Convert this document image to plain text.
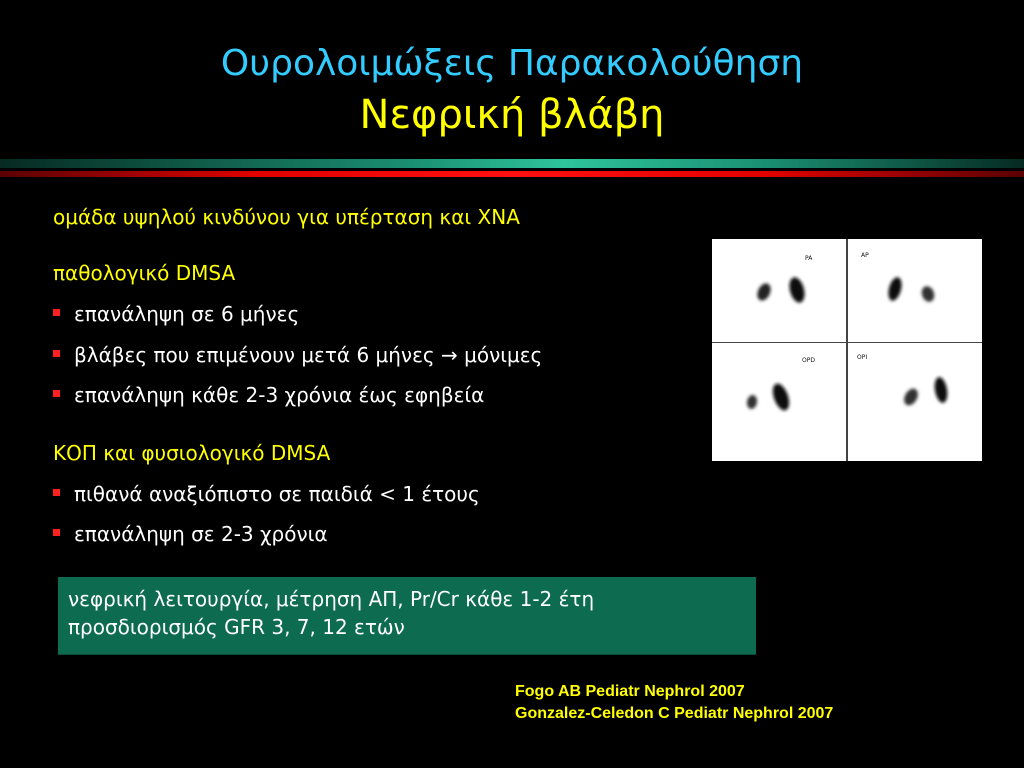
Ουρολοιμώξεις Παρακολούθηση
Νεφρική βλάβη
ομάδα υψηλού κινδύνου για υπέρταση και ΧΝΑ
παθολογικό DMSA
επανάληψη σε 6 μήνες
βλάβες που επιμένουν μετά 6 μήνες → μόνιμες
επανάληψη κάθε 2-3 χρόνια έως εφηβεία
ΚΟΠ και φυσιολογικό DMSA
πιθανά αναξιόπιστο σε παιδιά < 1 έτους
επανάληψη σε 2-3 χρόνια
νεφρική λειτουργία, μέτρηση ΑΠ, Pr/Cr κάθε 1-2 έτη
προσδιορισμός GFR 3, 7, 12 ετών
Fogo AB Pediatr Nephrol 2007
Gonzalez-Celedon C Pediatr Nephrol 2007
PA	AP
OPD	OPI
